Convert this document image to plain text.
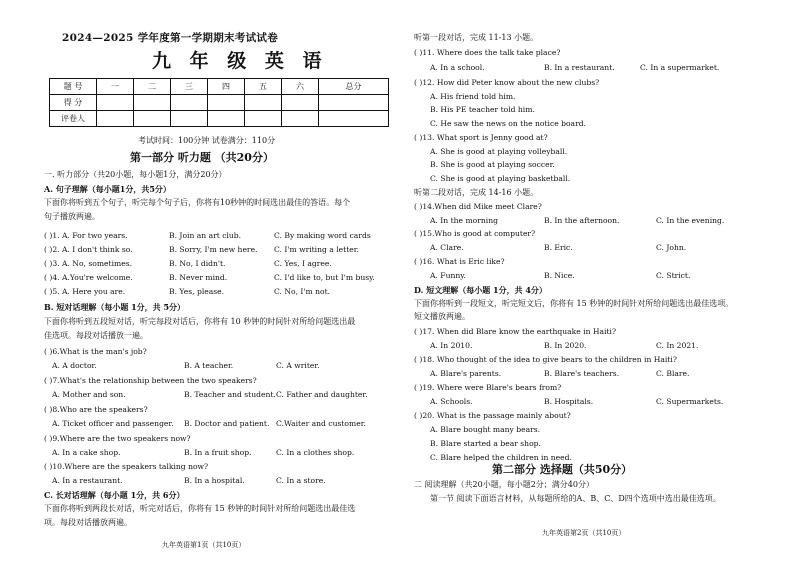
2024—2025 学年度第一学期期末考试试卷
九 年 级 英 语
题 号	一	二	三	四	五	六	总分
得 分							
评卷人							
考试时间：100分钟 试卷满分：110分
第一部分 听力题 （共20分）
一. 听力部分（共20小题，每小题1分，满分20分）
A. 句子理解（每小题1分，共5分）
下面你将听到五个句子，听完每个句子后，你将有10秒钟的时间选出最佳的答语。每个
句子播放两遍。
( )1. A. For two years.	B. Join an art club.	C. By making word cards
( )2. A. I don't think so.	B. Sorry, I'm new here. C. I'm writing a letter.
( )3. A. No, sometimes.	B. No, I didn't.	C. Yes, I agree.
( )4. A.You're welcome.	B. Never mind.	C. I'd like to, but I'm busy.
( )5. A. Here you are.	B. Yes, please.	C. No, I'm not.
B. 短对话理解（每小题 1分，共 5分）
下面你将听到五段短对话，听完每段对话后，你将有 10 秒钟的时间针对所给问题选出最
佳选项。每段对话播放一遍。
( )6.What is the man's job?
A. A doctor.	B. A teacher.	C. A writer.
( )7.What's the relationship between the two speakers?
A. Mother and son.	B. Teacher and student. C. Father and daughter.
( )8.Who are the speakers?
A. Ticket officer and passenger. B. Doctor and patient. C.Waiter and customer.
( )9.Where are the two speakers now?
A. In a cake shop.	B. In a fruit shop.	C. In a clothes shop.
( )10.Where are the speakers talking now?
A. In a restaurant.	B. In a hospital.	C. In a store.
C. 长对话理解（每小题 1分，共 6分）
下面你将听到两段长对话，听完对话后，你将有 15 秒钟的时间针对所给问题选出最佳选
项。每段对话播放两遍。
九年英语第1页（共10页）
听第一段对话，完成 11-13 小题。
( )11. Where does the talk take place?
A. In a school.	B. In a restaurant.	C. In a supermarket.
( )12. How did Peter know about the new clubs?
A. His friend told him.
B. His PE teacher told him.
C. He saw the news on the notice board.
( )13. What sport is Jenny good at?
A. She is good at playing volleyball.
B. She is good at playing soccer.
C. She is good at playing basketball.
听第二段对话，完成 14-16 小题。
( )14.When did Mike meet Clare?
A. In the morning	B. In the afternoon.	C. In the evening.
( )15.Who is good at computer?
A. Clare.	B. Eric.	C. John.
( )16. What is Eric like?
A. Funny.	B. Nice.	C. Strict.
D. 短文理解（每小题 1分，共 4分）
下面你将听到一段短文，听完短文后，你将有 15 秒钟的时间针对所给问题选出最佳选项。
短文播放两遍。
( )17. When did Blare know the earthquake in Haiti?
A. In 2010.	B. In 2020.	C. In 2021.
( )18. Who thought of the idea to give bears to the children in Haiti?
A. Blare's parents.	B. Blare's teachers.	C. Blare.
( )19. Where were Blare's bears from?
A. Schools.	B. Hospitals.	C. Supermarkets.
( )20. What is the passage mainly about?
A. Blare bought many bears.
B. Blare started a bear shop.
C. Blare helped the children in need.
第二部分 选择题（共50分）
二 阅读理解（共20小题，每小题2分；满分40分）
第一节 阅读下面语言材料，从每题所给的A、B、C、D四个选项中选出最佳选项。
九年英语第2页（共10页）
